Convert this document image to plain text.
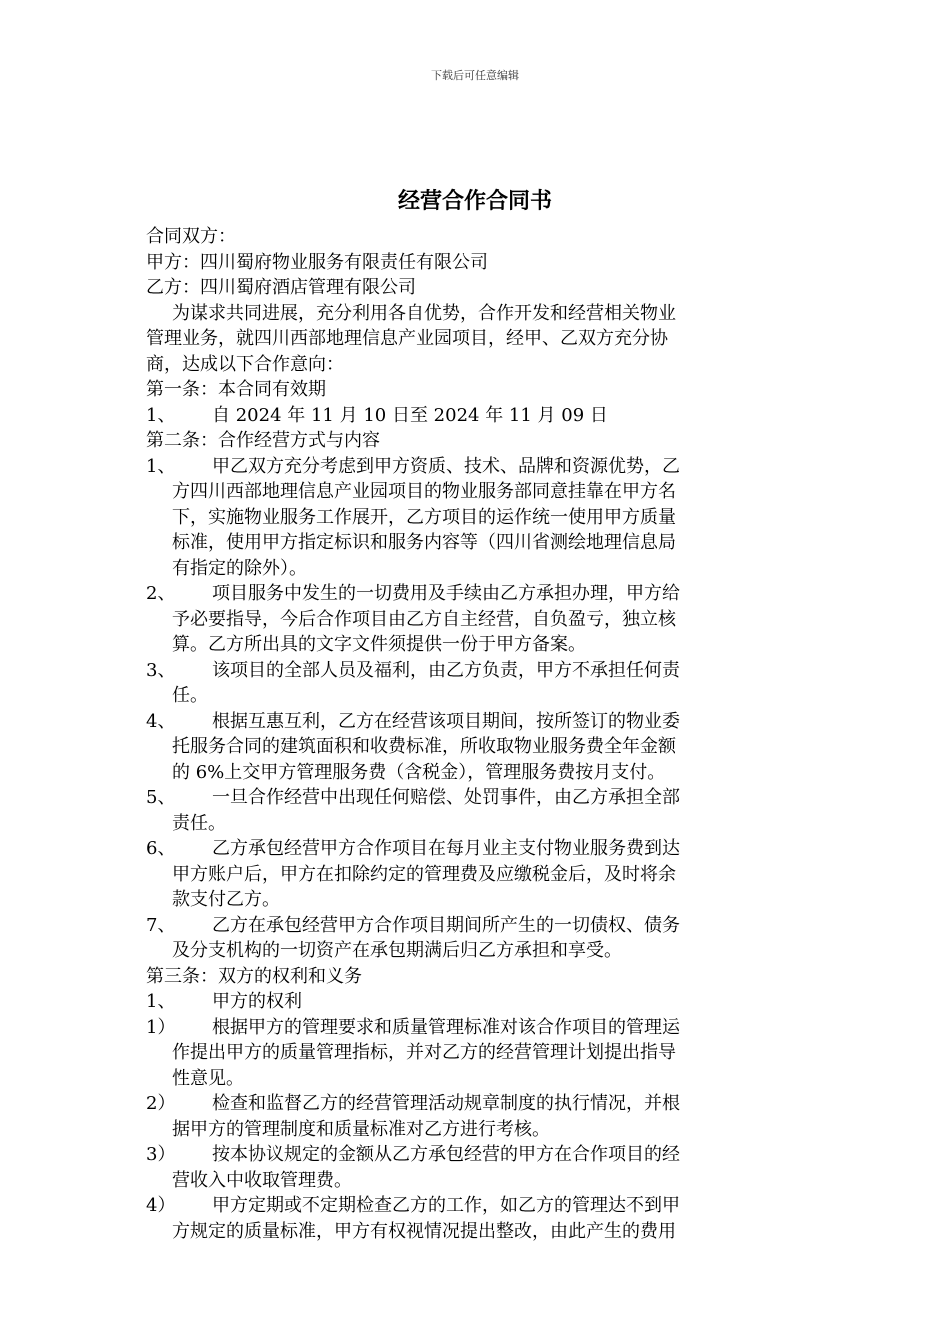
下载后可任意编辑
经营合作合同书
合同双方：
甲方：四川蜀府物业服务有限责任有限公司
乙方：四川蜀府酒店管理有限公司
为谋求共同进展，充分利用各自优势，合作开发和经营相关物业
管理业务，就四川西部地理信息产业园项目，经甲、乙双方充分协
商，达成以下合作意向：
第一条：本合同有效期
1、	自 2024 年 11 月 10 日至 2024 年 11 月 09 日
第二条：合作经营方式与内容
1、	甲乙双方充分考虑到甲方资质、技术、品牌和资源优势，乙
方四川西部地理信息产业园项目的物业服务部同意挂靠在甲方名
下，实施物业服务工作展开，乙方项目的运作统一使用甲方质量
标准，使用甲方指定标识和服务内容等（四川省测绘地理信息局
有指定的除外）。
2、	项目服务中发生的一切费用及手续由乙方承担办理，甲方给
予必要指导，今后合作项目由乙方自主经营，自负盈亏，独立核
算。乙方所出具的文字文件须提供一份于甲方备案。
3、	该项目的全部人员及福利，由乙方负责，甲方不承担任何责
任。
4、	根据互惠互利，乙方在经营该项目期间，按所签订的物业委
托服务合同的建筑面积和收费标准，所收取物业服务费全年金额
的 6%上交甲方管理服务费（含税金），管理服务费按月支付。
5、	一旦合作经营中出现任何赔偿、处罚事件，由乙方承担全部
责任。
6、	乙方承包经营甲方合作项目在每月业主支付物业服务费到达
甲方账户后，甲方在扣除约定的管理费及应缴税金后，及时将余
款支付乙方。
7、	乙方在承包经营甲方合作项目期间所产生的一切债权、债务
及分支机构的一切资产在承包期满后归乙方承担和享受。
第三条：双方的权利和义务
1、	甲方的权利
1）	根据甲方的管理要求和质量管理标准对该合作项目的管理运
作提出甲方的质量管理指标，并对乙方的经营管理计划提出指导
性意见。
2）	检查和监督乙方的经营管理活动规章制度的执行情况，并根
据甲方的管理制度和质量标准对乙方进行考核。
3）	按本协议规定的金额从乙方承包经营的甲方在合作项目的经
营收入中收取管理费。
4）	甲方定期或不定期检查乙方的工作，如乙方的管理达不到甲
方规定的质量标准，甲方有权视情况提出整改，由此产生的费用
